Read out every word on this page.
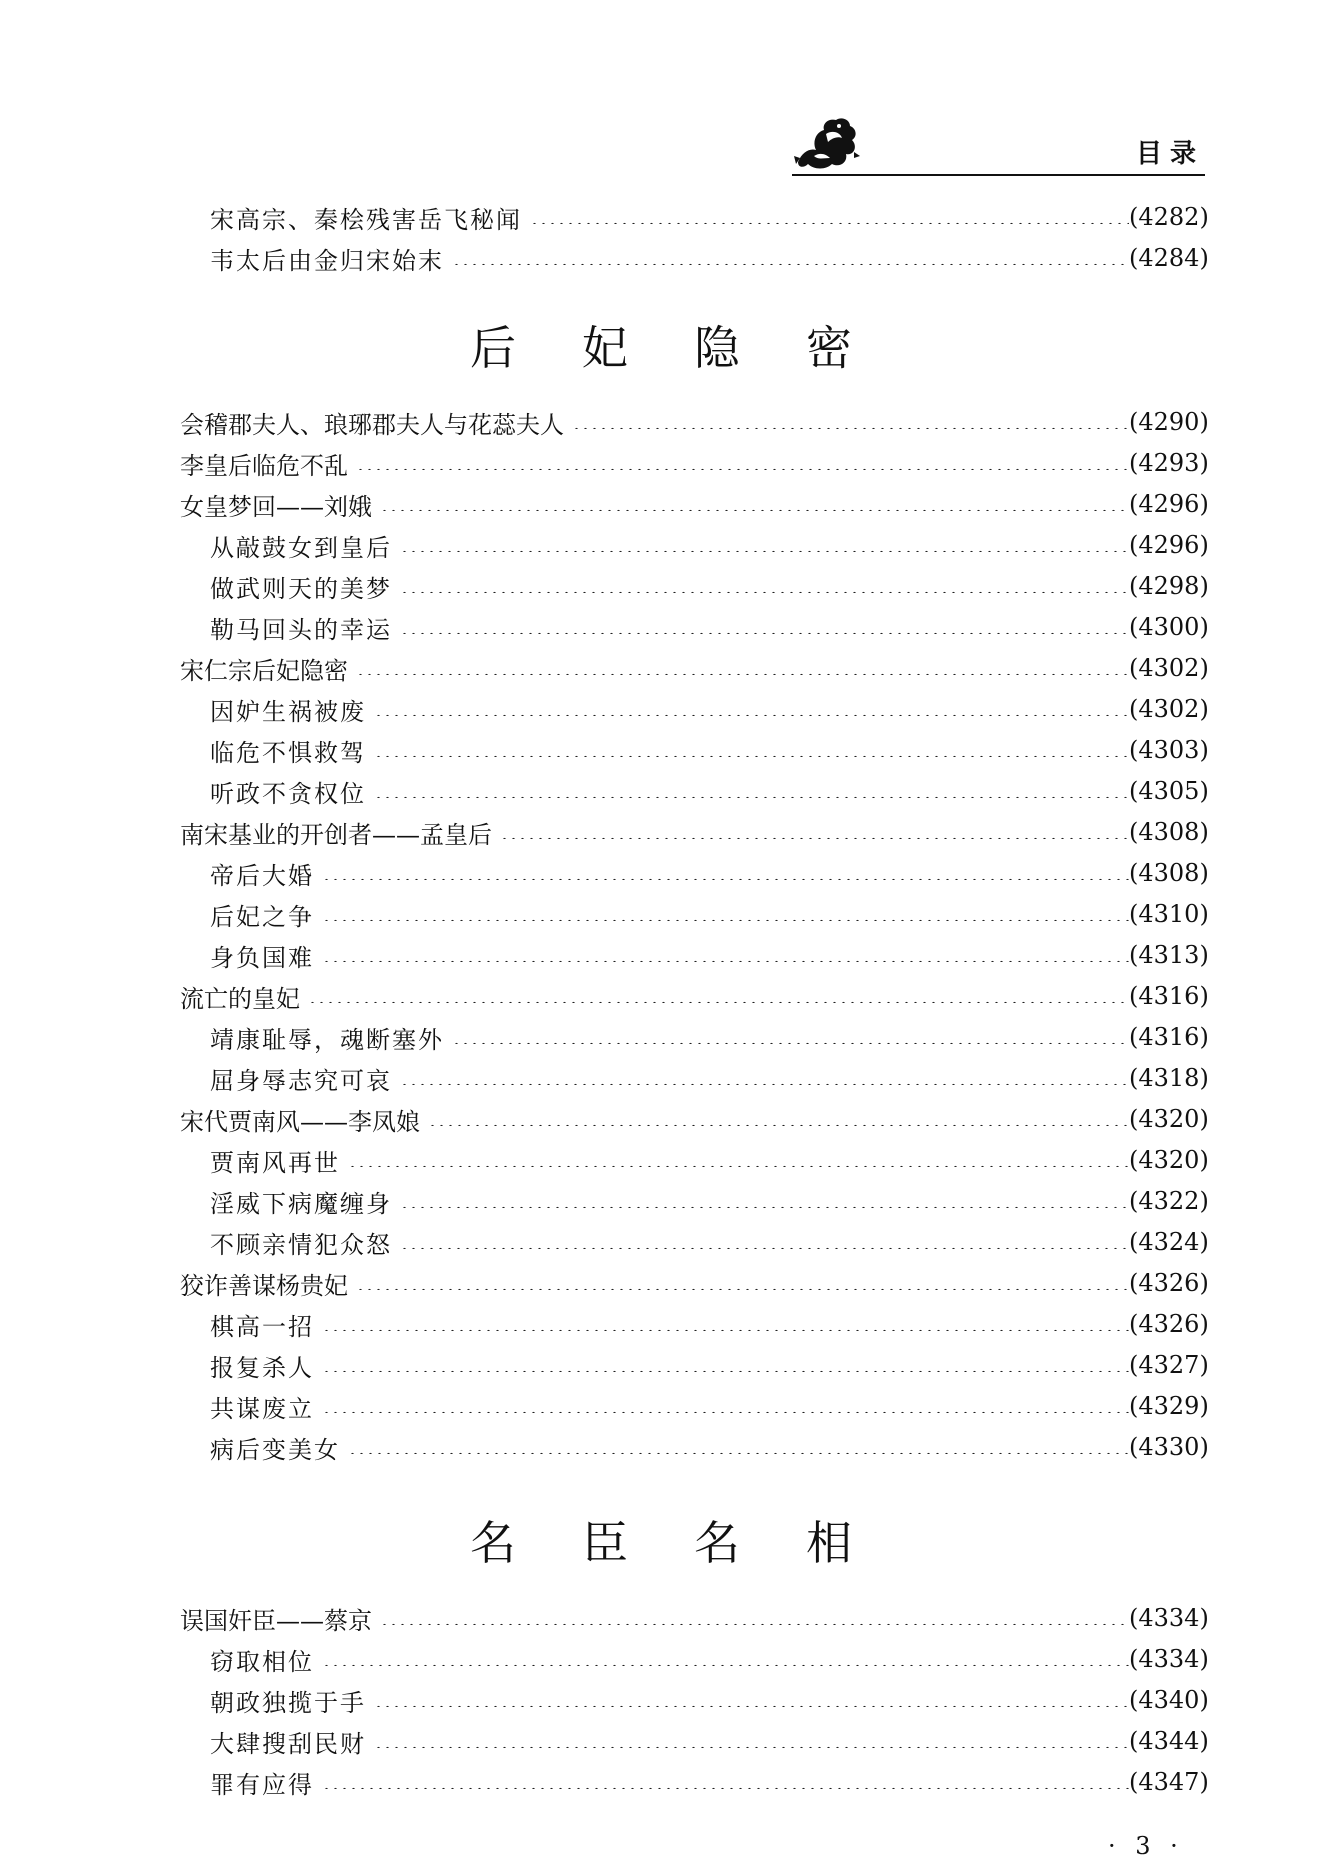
目录
宋高宗、秦桧残害岳飞秘闻	(4282)
韦太后由金归宋始末	(4284)
后妃隐密
会稽郡夫人、琅琊郡夫人与花蕊夫人	(4290)
李皇后临危不乱	(4293)
女皇梦回——刘娥	(4296)
从敲鼓女到皇后	(4296)
做武则天的美梦	(4298)
勒马回头的幸运	(4300)
宋仁宗后妃隐密	(4302)
因妒生祸被废	(4302)
临危不惧救驾	(4303)
听政不贪权位	(4305)
南宋基业的开创者——孟皇后	(4308)
帝后大婚	(4308)
后妃之争	(4310)
身负国难	(4313)
流亡的皇妃	(4316)
靖康耻辱，魂断塞外	(4316)
屈身辱志究可哀	(4318)
宋代贾南风——李凤娘	(4320)
贾南风再世	(4320)
淫威下病魔缠身	(4322)
不顾亲情犯众怒	(4324)
狡诈善谋杨贵妃	(4326)
棋高一招	(4326)
报复杀人	(4327)
共谋废立	(4329)
病后变美女	(4330)
名臣名相
误国奸臣——蔡京	(4334)
窃取相位	(4334)
朝政独揽于手	(4340)
大肆搜刮民财	(4344)
罪有应得	(4347)
· 3 ·
